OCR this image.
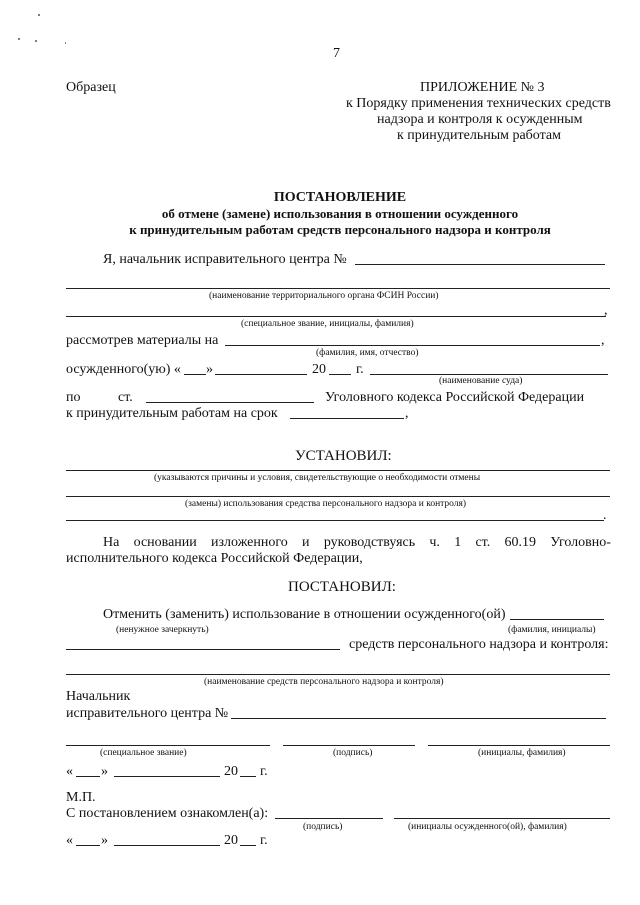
7
Образец	ПРИЛОЖЕНИЕ № 3
к Порядку применения технических средств
надзора и контроля к осужденным
к принудительным работам
ПОСТАНОВЛЕНИЕ
об отмене (замене) использования в отношении осужденного
к принудительным работам средств персонального надзора и контроля
Я, начальник исправительного центра №
(наименование территориального органа ФСИН России)
,
(специальное звание, инициалы, фамилия)
рассмотрев материалы на	,
(фамилия, имя, отчество)
осужденного(ую) « »	20 г.
(наименование суда)
по	ст.	Уголовного кодекса Российской Федерации
к принудительным работам на срок	,
УСТАНОВИЛ:
(указываются причины и условия, свидетельствующие о необходимости отмены
(замены) использования средства персонального надзора и контроля)
.
На основании изложенного и руководствуясь ч. 1 ст. 60.19 Уголовно-
исполнительного кодекса Российской Федерации,
ПОСТАНОВИЛ:
Отменить (заменить) использование в отношении осужденного(ой)
(ненужное зачеркнуть)	(фамилия, инициалы)
средств персонального надзора и контроля:
(наименование средств персонального надзора и контроля)
Начальник
исправительного центра №
(специальное звание)	(подпись)	(инициалы, фамилия)
« »	20 г.
М.П.
С постановлением ознакомлен(а):
(подпись)	(инициалы осужденного(ой), фамилия)
« »	20 г.
